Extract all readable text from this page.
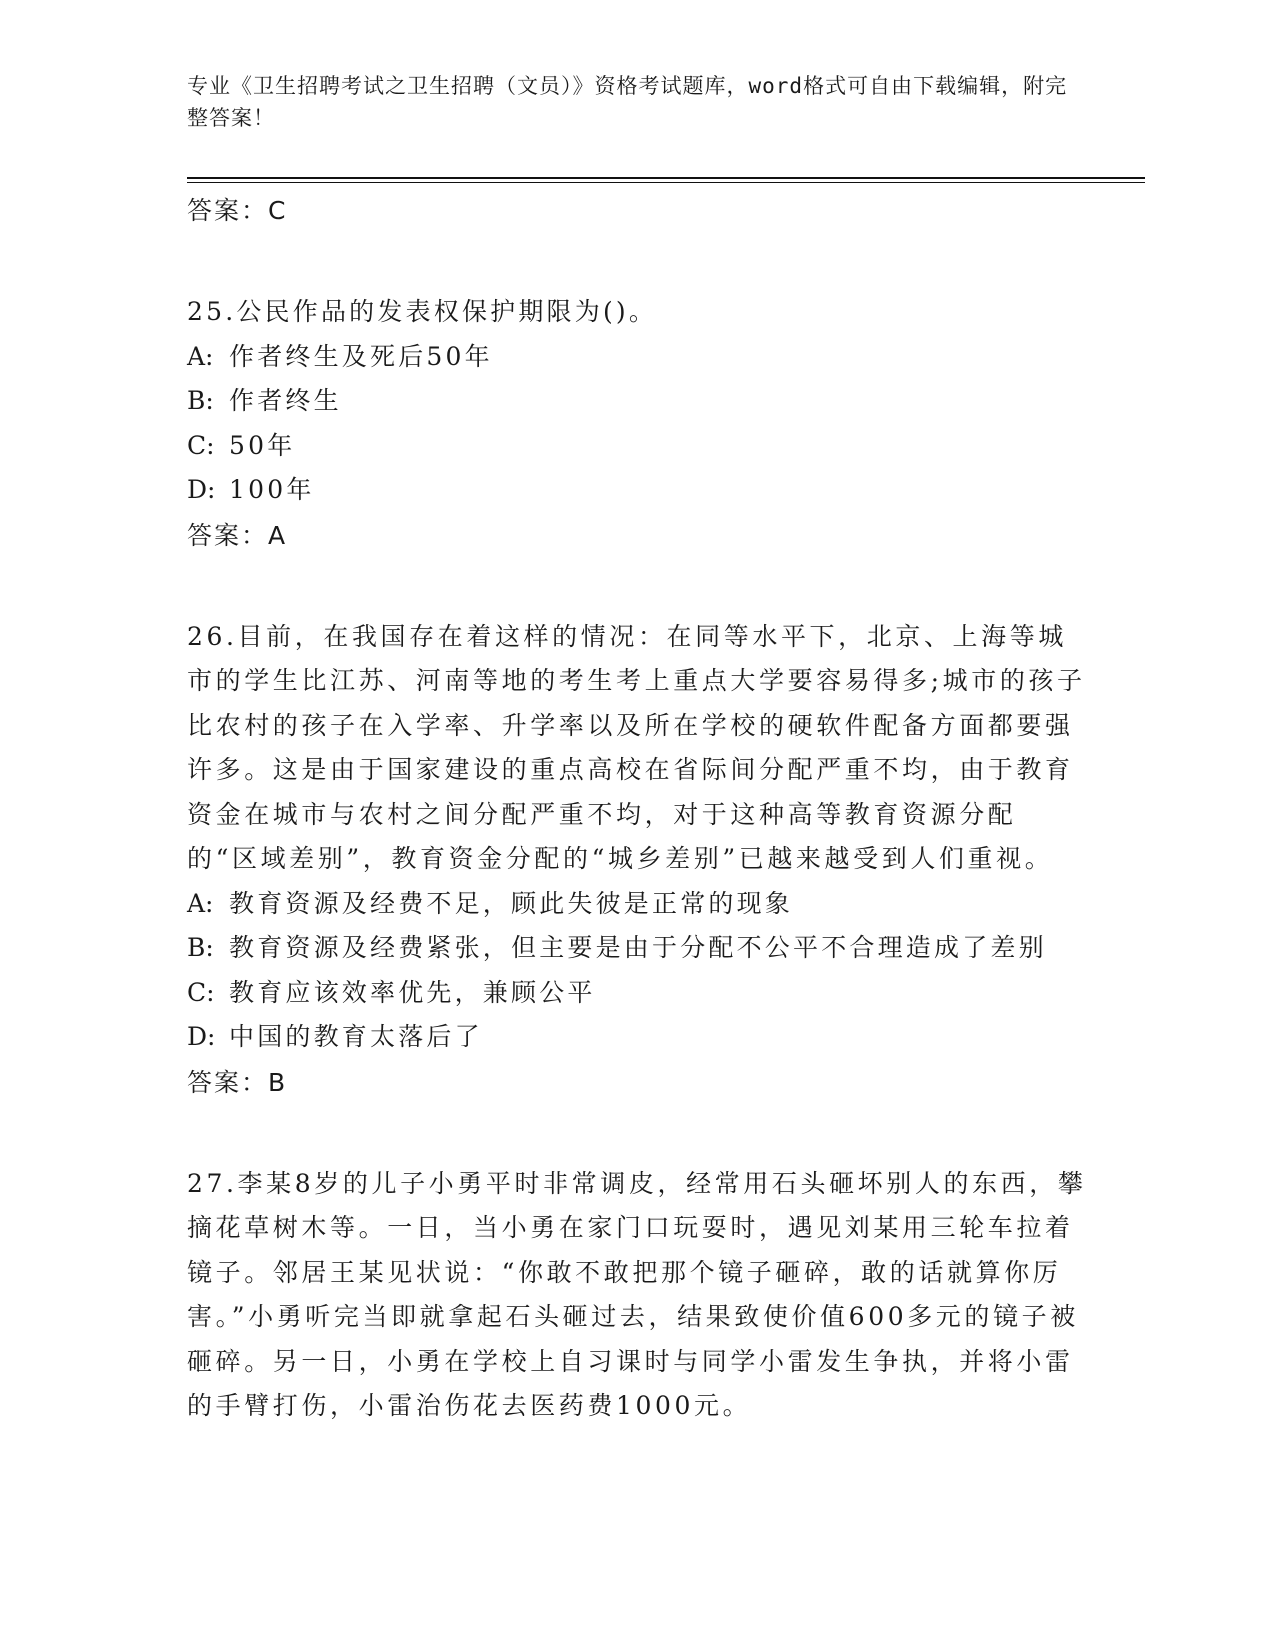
专业《卫生招聘考试之卫生招聘（文员）》资格考试题库，word格式可自由下载编辑，附完整答案！
答案：C
25.公民作品的发表权保护期限为()。
A: 作者终生及死后50年
B: 作者终生
C: 50年
D: 100年
答案：A
26.目前，在我国存在着这样的情况：在同等水平下，北京、上海等城市的学生比江苏、河南等地的考生考上重点大学要容易得多;城市的孩子比农村的孩子在入学率、升学率以及所在学校的硬软件配备方面都要强许多。这是由于国家建设的重点高校在省际间分配严重不均，由于教育资金在城市与农村之间分配严重不均，对于这种高等教育资源分配的“区域差别”，教育资金分配的“城乡差别”已越来越受到人们重视。
A: 教育资源及经费不足，顾此失彼是正常的现象
B: 教育资源及经费紧张，但主要是由于分配不公平不合理造成了差别
C: 教育应该效率优先，兼顾公平
D: 中国的教育太落后了
答案：B
27.李某8岁的儿子小勇平时非常调皮，经常用石头砸坏别人的东西，攀摘花草树木等。一日，当小勇在家门口玩耍时，遇见刘某用三轮车拉着镜子。邻居王某见状说：“你敢不敢把那个镜子砸碎，敢的话就算你厉害。”小勇听完当即就拿起石头砸过去，结果致使价值600多元的镜子被砸碎。另一日，小勇在学校上自习课时与同学小雷发生争执，并将小雷的手臂打伤，小雷治伤花去医药费1000元。
